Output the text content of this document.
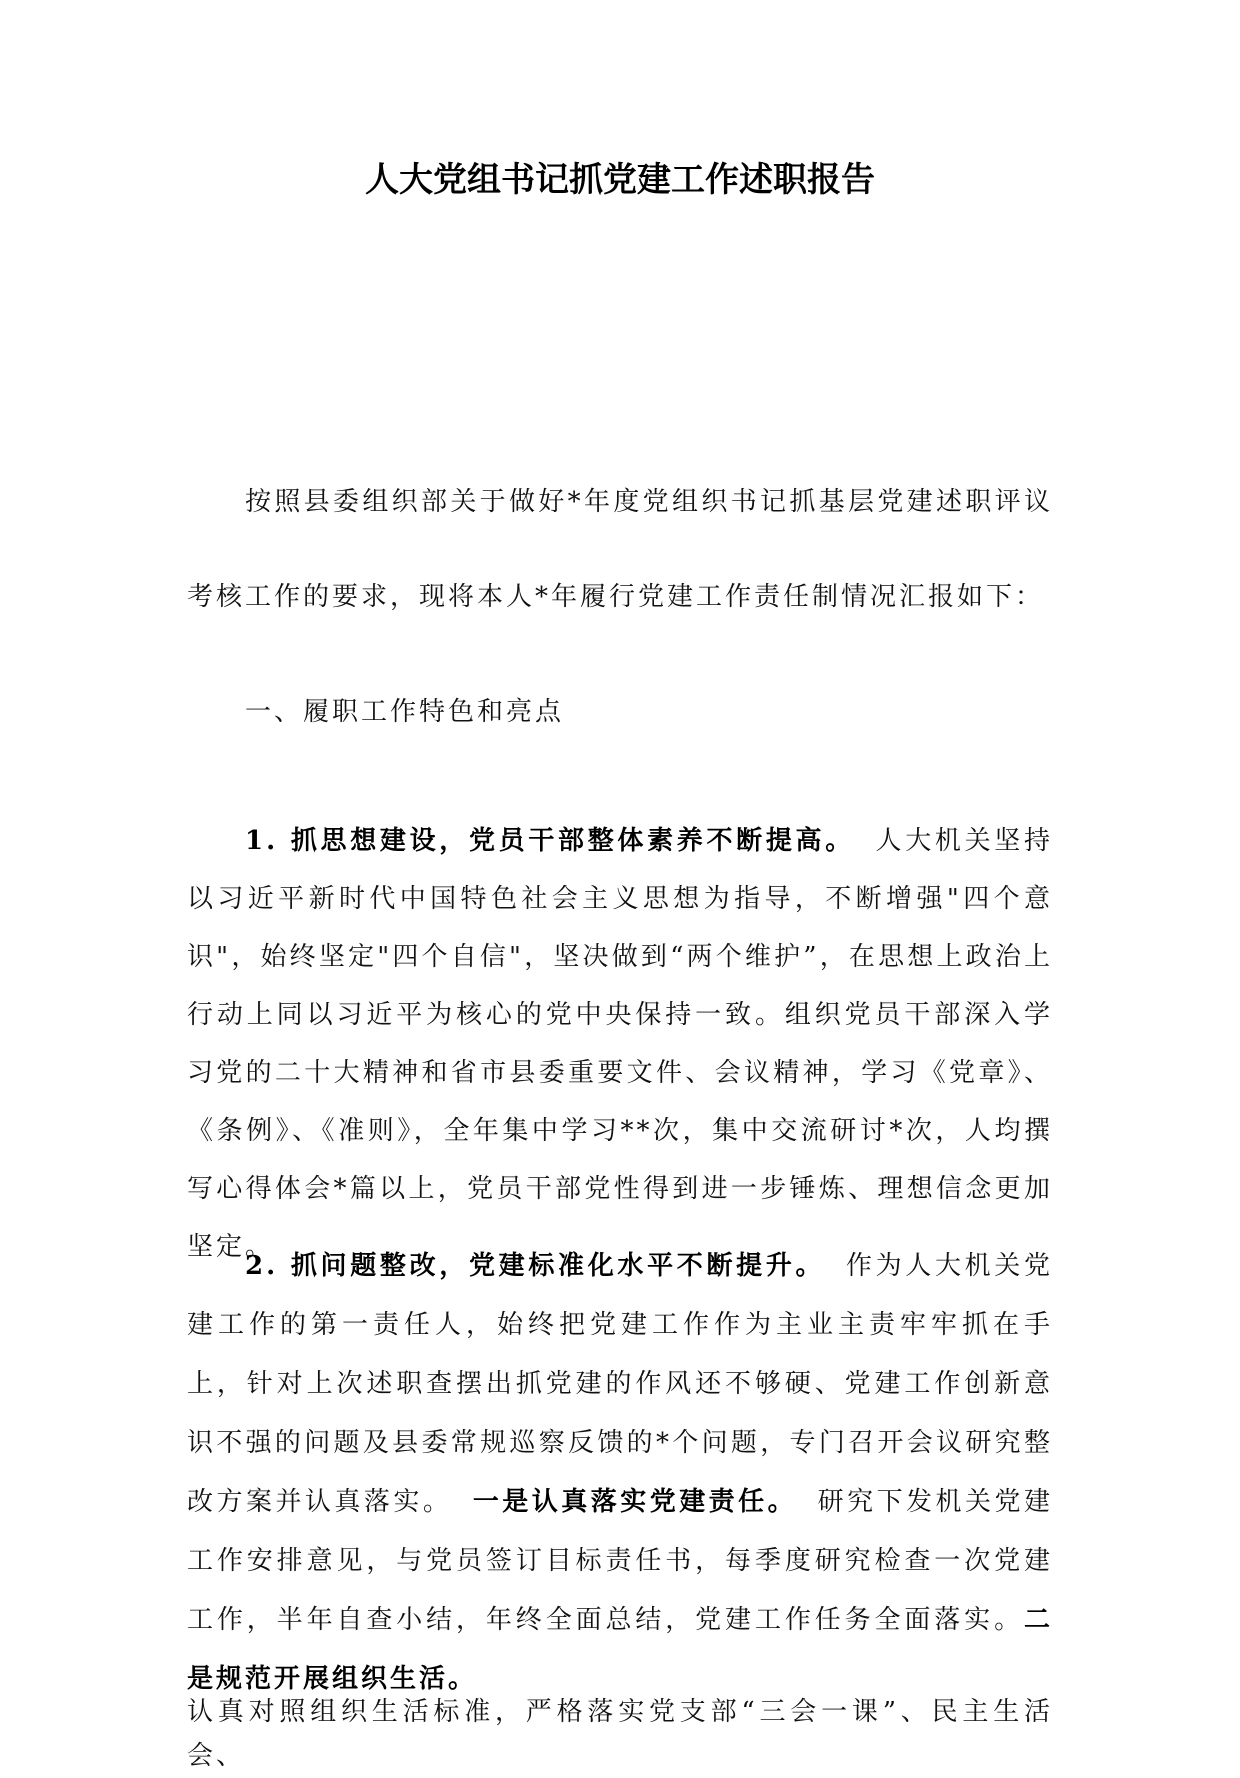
人大党组书记抓党建工作述职报告

按照县委组织部关于做好*年度党组织书记抓基层党建述职评议考核工作的要求，现将本人*年履行党建工作责任制情况汇报如下：

一、履职工作特色和亮点

1. 抓思想建设，党员干部整体素养不断提高。 人大机关坚持以习近平新时代中国特色社会主义思想为指导，不断增强"四个意识"，始终坚定"四个自信"，坚决做到“两个维护”，在思想上政治上行动上同以习近平为核心的党中央保持一致。组织党员干部深入学习党的二十大精神和省市县委重要文件、会议精神，学习《党章》、《条例》、《准则》，全年集中学习**次，集中交流研讨*次，人均撰写心得体会*篇以上，党员干部党性得到进一步锤炼、理想信念更加坚定。

2. 抓问题整改，党建标准化水平不断提升。 作为人大机关党建工作的第一责任人，始终把党建工作作为主业主责牢牢抓在手上，针对上次述职查摆出抓党建的作风还不够硬、党建工作创新意识不强的问题及县委常规巡察反馈的*个问题，专门召开会议研究整改方案并认真落实。 一是认真落实党建责任。 研究下发机关党建工作安排意见，与党员签订目标责任书，每季度研究检查一次党建工作，半年自查小结，年终全面总结，党建工作任务全面落实。二是规范开展组织生活。

认真对照组织生活标准，严格落实党支部“三会一课”、民主生活会、
